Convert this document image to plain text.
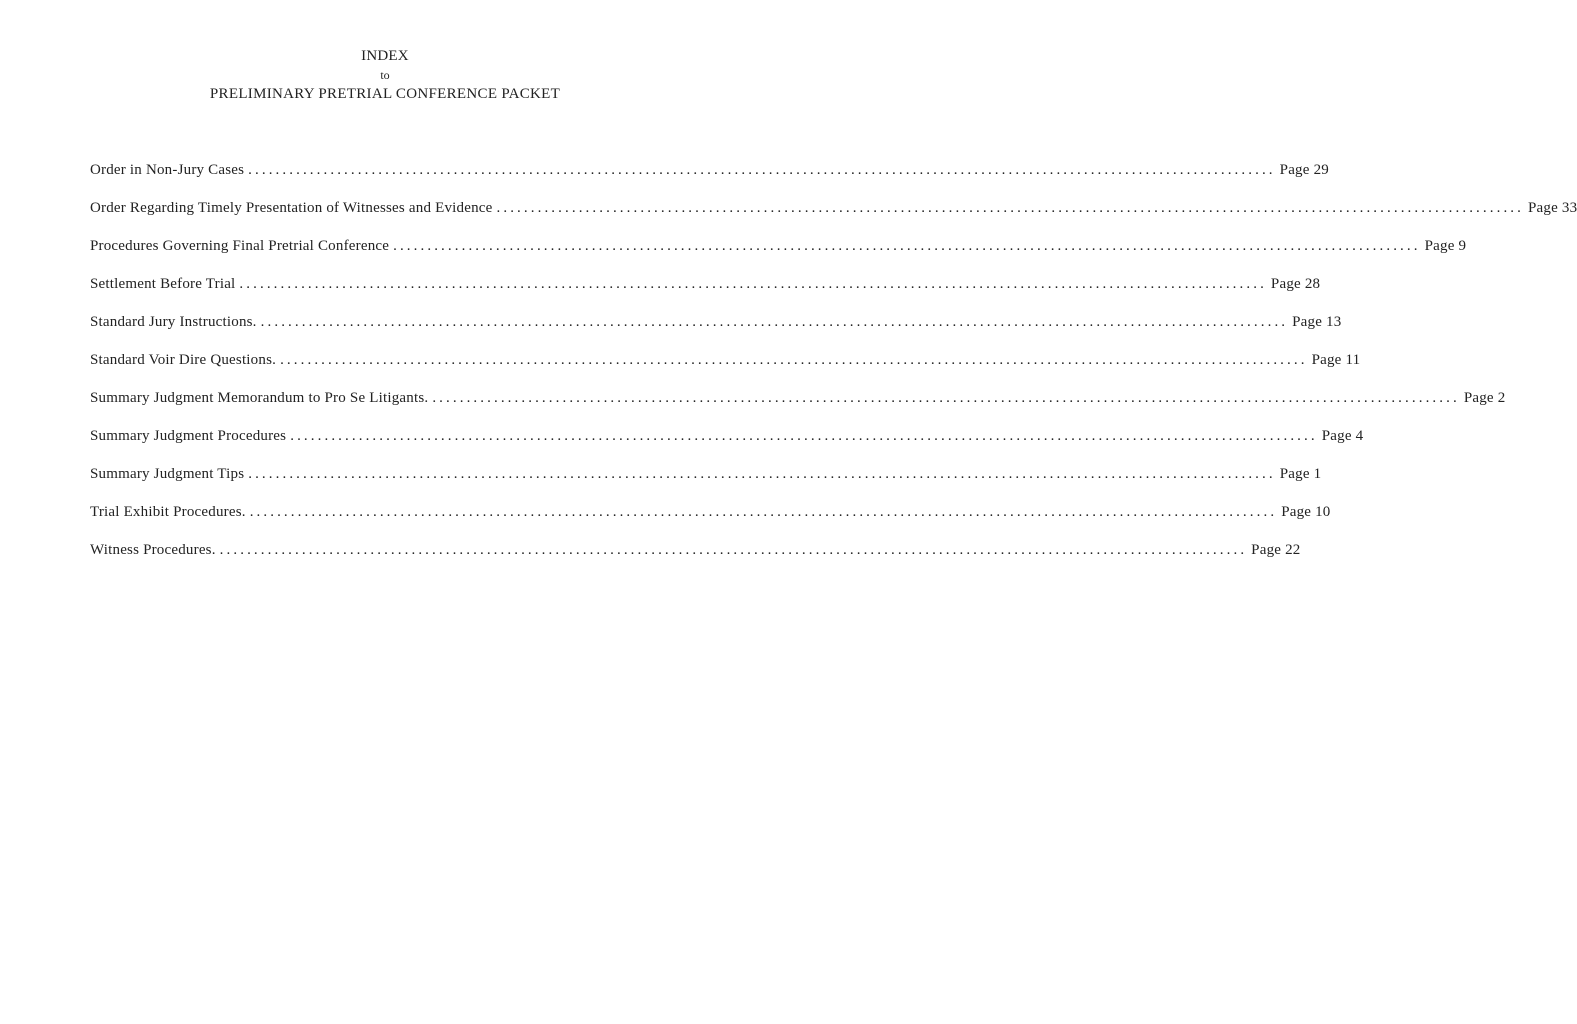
INDEX
to
PRELIMINARY PRETRIAL CONFERENCE PACKET
Order in Non-Jury Cases ...................................................................................................................................................... Page 29
Order Regarding Timely Presentation of Witnesses and Evidence ...................................................................................................................................................... Page 33
Procedures Governing Final Pretrial Conference ...................................................................................................................................................... Page 9
Settlement Before Trial ...................................................................................................................................................... Page 28
Standard Jury Instructions. ...................................................................................................................................................... Page 13
Standard Voir Dire Questions. ...................................................................................................................................................... Page 11
Summary Judgment Memorandum to Pro Se Litigants. ...................................................................................................................................................... Page 2
Summary Judgment Procedures ...................................................................................................................................................... Page 4
Summary Judgment Tips ...................................................................................................................................................... Page 1
Trial Exhibit Procedures. ...................................................................................................................................................... Page 10
Witness Procedures. ...................................................................................................................................................... Page 22
